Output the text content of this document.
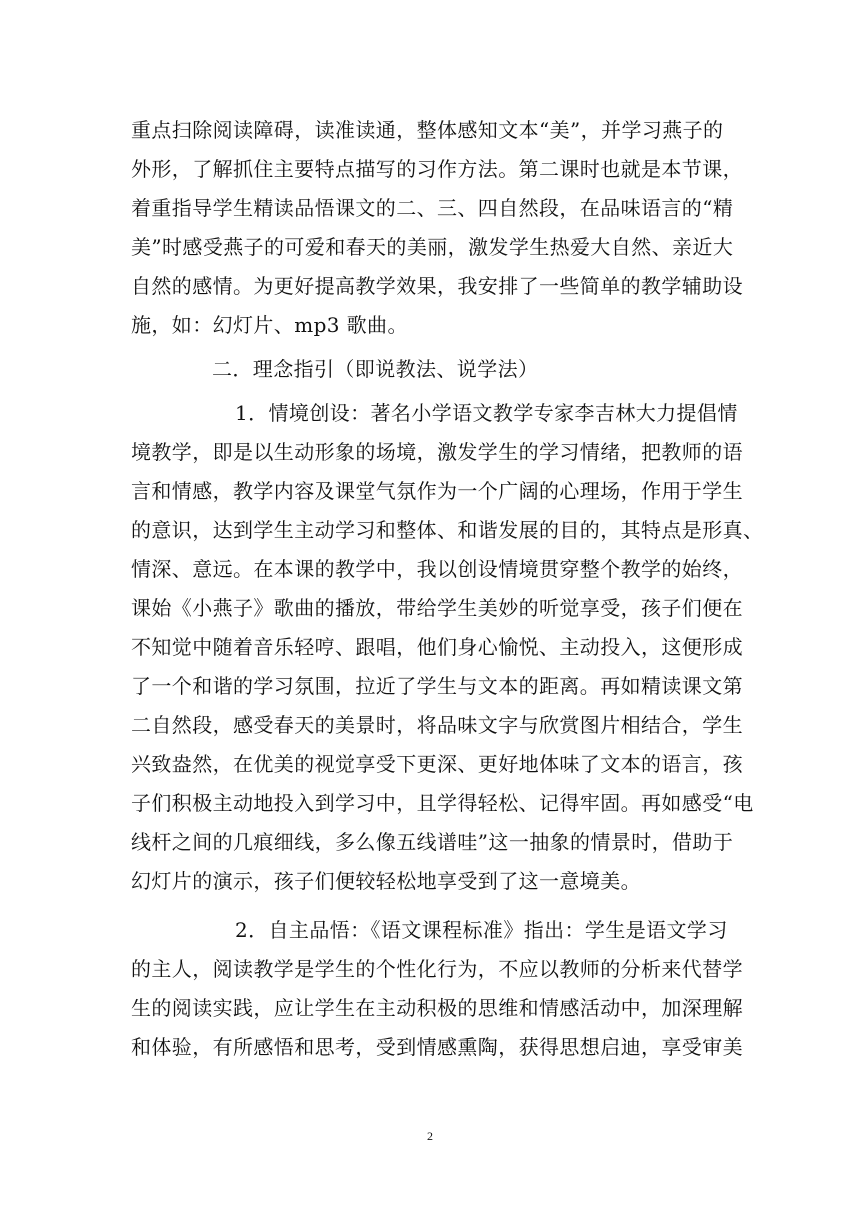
重点扫除阅读障碍，读准读通，整体感知文本“美”，并学习燕子的
外形，了解抓住主要特点描写的习作方法。第二课时也就是本节课，
着重指导学生精读品悟课文的二、三、四自然段，在品味语言的“精
美”时感受燕子的可爱和春天的美丽，激发学生热爱大自然、亲近大
自然的感情。为更好提高教学效果，我安排了一些简单的教学辅助设
施，如：幻灯片、mp3 歌曲。
二．理念指引（即说教法、说学法）
1．情境创设：著名小学语文教学专家李吉林大力提倡情
境教学，即是以生动形象的场境，激发学生的学习情绪，把教师的语
言和情感，教学内容及课堂气氛作为一个广阔的心理场，作用于学生
的意识，达到学生主动学习和整体、和谐发展的目的，其特点是形真、
情深、意远。在本课的教学中，我以创设情境贯穿整个教学的始终，
课始《小燕子》歌曲的播放，带给学生美妙的听觉享受，孩子们便在
不知觉中随着音乐轻哼、跟唱，他们身心愉悦、主动投入，这便形成
了一个和谐的学习氛围，拉近了学生与文本的距离。再如精读课文第
二自然段，感受春天的美景时，将品味文字与欣赏图片相结合，学生
兴致盎然，在优美的视觉享受下更深、更好地体味了文本的语言，孩
子们积极主动地投入到学习中，且学得轻松、记得牢固。再如感受“电
线杆之间的几痕细线，多么像五线谱哇”这一抽象的情景时，借助于
幻灯片的演示，孩子们便较轻松地享受到了这一意境美。
2．自主品悟：《语文课程标准》指出：学生是语文学习
的主人，阅读教学是学生的个性化行为，不应以教师的分析来代替学
生的阅读实践，应让学生在主动积极的思维和情感活动中，加深理解
和体验，有所感悟和思考，受到情感熏陶，获得思想启迪，享受审美
2
